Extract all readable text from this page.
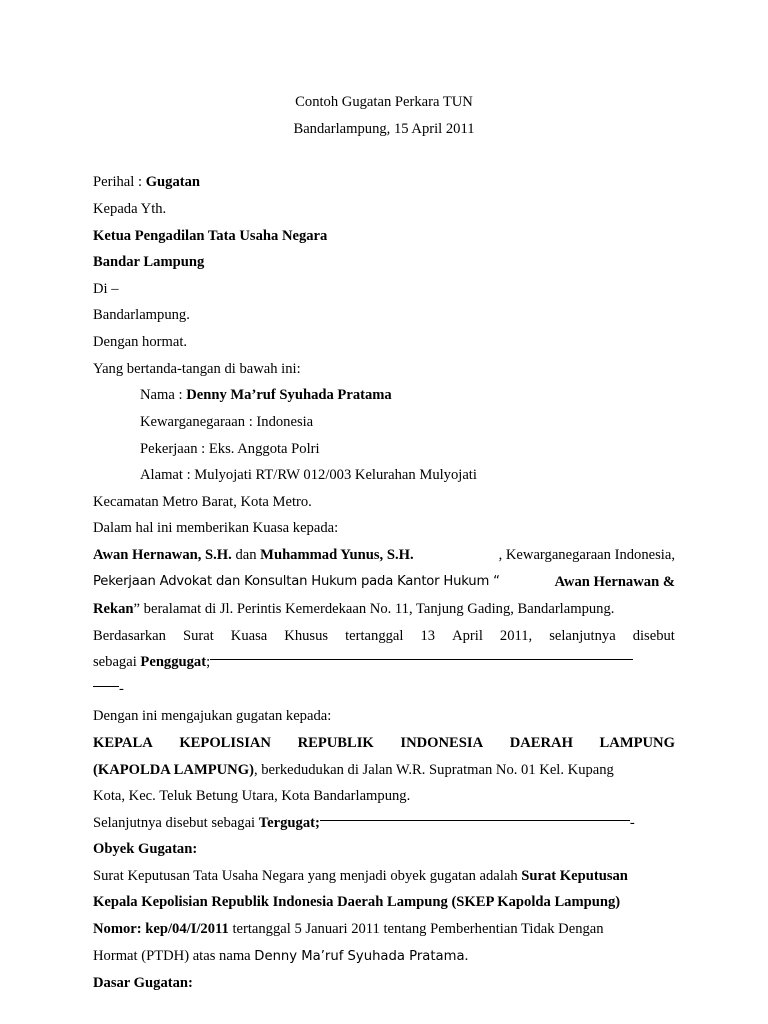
Contoh Gugatan Perkara TUN
Bandarlampung, 15 April 2011
Perihal : Gugatan
Kepada Yth.
Ketua Pengadilan Tata Usaha Negara
Bandar Lampung
Di –
Bandarlampung.
Dengan hormat.
Yang bertanda-tangan di bawah ini:
Nama : Denny Ma’ruf Syuhada Pratama
Kewarganegaraan : Indonesia
Pekerjaan : Eks. Anggota Polri
Alamat : Mulyojati RT/RW 012/003 Kelurahan Mulyojati
Kecamatan Metro Barat, Kota Metro.
Dalam hal ini memberikan Kuasa kepada:
Awan Hernawan, S.H. dan Muhammad Yunus, S.H.	, Kewarganegaraan Indonesia,
Pekerjaan Advokat dan Konsultan Hukum pada Kantor Hukum “	Awan Hernawan &
Rekan” beralamat di Jl. Perintis Kemerdekaan No. 11, Tanjung Gading, Bandarlampung.
Berdasarkan Surat Kuasa Khusus tertanggal 13 April 2011, selanjutnya disebut
sebagai Penggugat;
-
Dengan ini mengajukan gugatan kepada:
KEPALA KEPOLISIAN REPUBLIK INDONESIA DAERAH LAMPUNG
(KAPOLDA LAMPUNG), berkedudukan di Jalan W.R. Supratman No. 01 Kel. Kupang
Kota, Kec. Teluk Betung Utara, Kota Bandarlampung.
Selanjutnya disebut sebagai Tergugat;	-
Obyek Gugatan:
Surat Keputusan Tata Usaha Negara yang menjadi obyek gugatan adalah Surat Keputusan
Kepala Kepolisian Republik Indonesia Daerah Lampung (SKEP Kapolda Lampung)
Nomor: kep/04/I/2011 tertanggal 5 Januari 2011 tentang Pemberhentian Tidak Dengan
Hormat (PTDH) atas nama Denny Ma’ruf Syuhada Pratama.
Dasar Gugatan:
